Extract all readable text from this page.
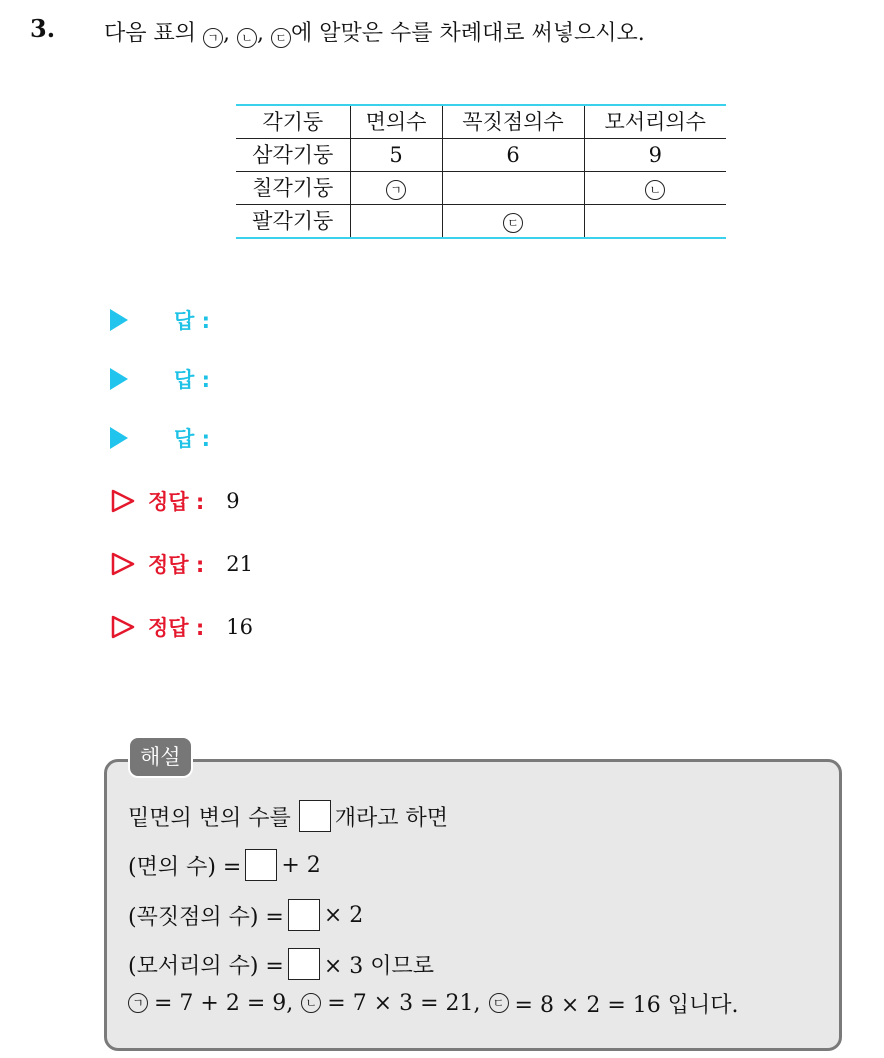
3. 다음 표의 ㄱ , ㄴ , ㄷ 에 알맞은 수를 차례대로 써넣으시오.
각기둥	면의수	꼭짓점의수	모서리의수
삼각기둥	5	6	9
칠각기둥	ㄱ		ㄴ
팔각기둥		ㄷ	
답 :
답 :
답 :
정답 : 9
정답 : 21
정답 : 16
해설
밑면의 변의 수를 개라고 하면
(면의 수) = + 2
(꼭짓점의 수) = × 2
(모서리의 수) = × 3 이므로
ㄱ = 7 + 2 = 9,	ㄴ = 7 × 3 = 21,	ㄷ = 8 × 2 = 16 입니다.
